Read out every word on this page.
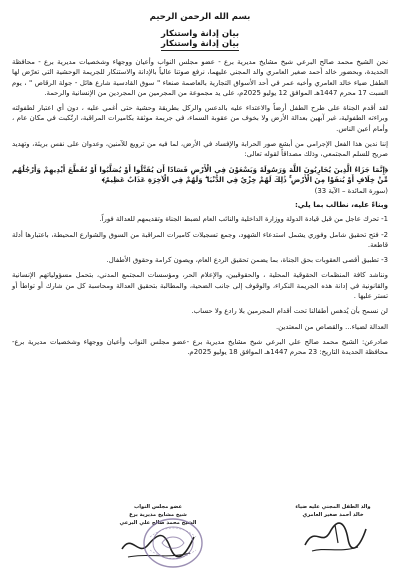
بسم الله الرحمن الرحيم
بيان إدانة واستنكار
بيان إدانة واستنكار

نحن الشيخ محمد صالح البرعي شيخ مشايخ مديرية برع - عضو مجلس النواب وأعيان ووجهاء وشخصيات مديرية برع - محافظة الحديدة، وبحضور خالد أحمد صغير العامري والد المجني عليهما، نرفع صوتنا عالياً بالإدانة والاستنكار للجريمة الوحشية التي تعرّض لها الطفل ضياء خالد العامري وأخيه عمر في أحد الأسواق التجارية بالعاصمة صنعاء " سوق القادسية شارع هائل - جولة الرقاص " ، يوم السبت 17 محرم 1447هـ الموافق 12 يوليو 2025م، على يد مجموعة من المجرمين من المجردين من الإنسانية والرحمة.

لقد أقدم الجناة على طرح الطفل أرضاً والاعتداء عليه بالدعس والركل بطريقة وحشية حتى أغمي عليه ، دون أي اعتبار لطفولته وبراءته الطفولية، غير آبهين بعدالة الأرض ولا بخوف من عقوبة السماء، في جريمة موثقة بكاميرات المراقبة، ارتُكبت في مكان عام ، وأمام أعين الناس.

إننا ندين هذا الفعل الإجرامي من أبشع صور الحرابة والإفساد في الأرض، لما فيه من ترويع للآمنين، وعدوان على نفس بريئة، وتهديد صريح للسلم المجتمعي، وذلك مصداقاً لقوله تعالى:

﴿إِنَّمَا جَزَاءُ الَّذِينَ يُحَارِبُونَ اللَّهَ وَرَسُولَهُ وَيَسْعَوْنَ فِي الْأَرْضِ فَسَادًا أَن يُقَتَّلُوا أَوْ يُصَلَّبُوا أَوْ تُقَطَّعَ أَيْدِيهِمْ وَأَرْجُلُهُم مِّنْ خِلَافٍ أَوْ يُنفَوْا مِنَ الْأَرْضِ ۚ ذَٰلِكَ لَهُمْ خِزْيٌ فِي الدُّنْيَا ۖ وَلَهُمْ فِي الْآخِرَةِ عَذَابٌ عَظِيمٌ﴾

(سورة المائدة – الآية 33)

وبناءً عليه، نطالب بما يلي:

1- تحرك عاجل من قبل قيادة الدولة ووزارة الداخلية والنائب العام لضبط الجناة وتقديمهم للعدالة فوراً.

2- فتح تحقيق شامل وفوري يشمل استدعاء الشهود، وجمع تسجيلات كاميرات المراقبة من السوق والشوارع المحيطة، باعتبارها أدلة قاطعة.

3- تطبيق أقصى العقوبات بحق الجناة، بما يضمن تحقيق الردع العام، ويصون كرامة وحقوق الأطفال.

ونناشد كافة المنظمات الحقوقية المحلية ، والحقوقيين، والإعلام الحر، ومؤسسات المجتمع المدني، بتحمل مسؤولياتهم الإنسانية والقانونية في إدانة هذه الجريمة النكراء، والوقوف إلى جانب الضحية، والمطالبة بتحقيق العدالة ومحاسبة كل من شارك أو تواطأ أو تستر عليها .

لن نسمح بأن يُدهس أطفالنا تحت أقدام المجرمين بلا رادع ولا حساب.

العدالة لضياء... والقصاص من المعتدين.

صادرعن: الشيخ محمد صالح علي البرعي شيخ مشايخ مديرية برع -عضو مجلس النواب وأعيان ووجهاء وشخصيات مديرية برع-محافظة الحديدة التاريخ: 23 محرم 1447هـ الموافق 18 يوليو 2025م.

والد الطفل المجني عليه ضياء
خالد أحمد صغير العامري
عضو مجلس النواب
شيخ مشايخ مديرية برع
الشيخ محمد صالح علي البرعي
